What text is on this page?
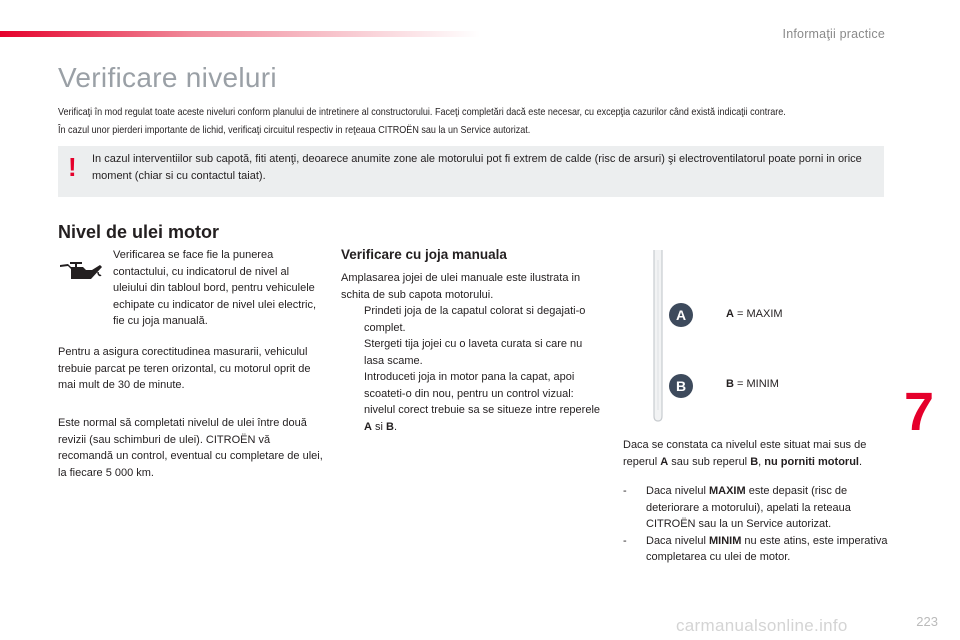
Informaţii practice
Verificare niveluri
Verificaţi în mod regulat toate aceste niveluri conform planului de intretinere al constructorului. Faceţi completări dacă este necesar, cu excepţia cazurilor când există indicaţii contrare.
În cazul unor pierderi importante de lichid, verificaţi circuitul respectiv in reţeaua CITROËN sau la un Service autorizat.
! In cazul interventiilor sub capotă, fiti atenţi, deoarece anumite zone ale motorului pot fi extrem de calde (risc de arsuri) şi electroventilatorul poate porni in orice moment (chiar si cu contactul taiat).

Nivel de ulei motor

Verificarea se face fie la punerea contactului, cu indicatorul de nivel al uleiului din tabloul bord, pentru vehiculele echipate cu indicator de nivel ulei electric, fie cu joja manuală.

Pentru a asigura corectitudinea masurarii, vehiculul trebuie parcat pe teren orizontal, cu motorul oprit de mai mult de 30 de minute.

Este normal să completati nivelul de ulei între două revizii (sau schimburi de ulei). CITROËN vă recomandă un control, eventual cu completare de ulei, la fiecare 5 000 km.

Verificare cu joja manuala

Amplasarea jojei de ulei manuale este ilustrata in schita de sub capota motorului.

Prindeti joja de la capatul colorat si degajati-o complet.
Stergeti tija jojei cu o laveta curata si care nu lasa scame.
Introduceti joja in motor pana la capat, apoi scoateti-o din nou, pentru un control vizual: nivelul corect trebuie sa se situeze intre reperele A si B.
A
B
A = MAXIM
B = MINIM

Daca se constata ca nivelul este situat mai sus de reperul A sau sub reperul B, nu porniti motorul.

- Daca nivelul MAXIM este depasit (risc de deteriorare a motorului), apelati la reteaua CITROËN sau la un Service autorizat.
- Daca nivelul MINIM nu este atins, este imperativa completarea cu ulei de motor.
7
carmanualsonline.info	223
